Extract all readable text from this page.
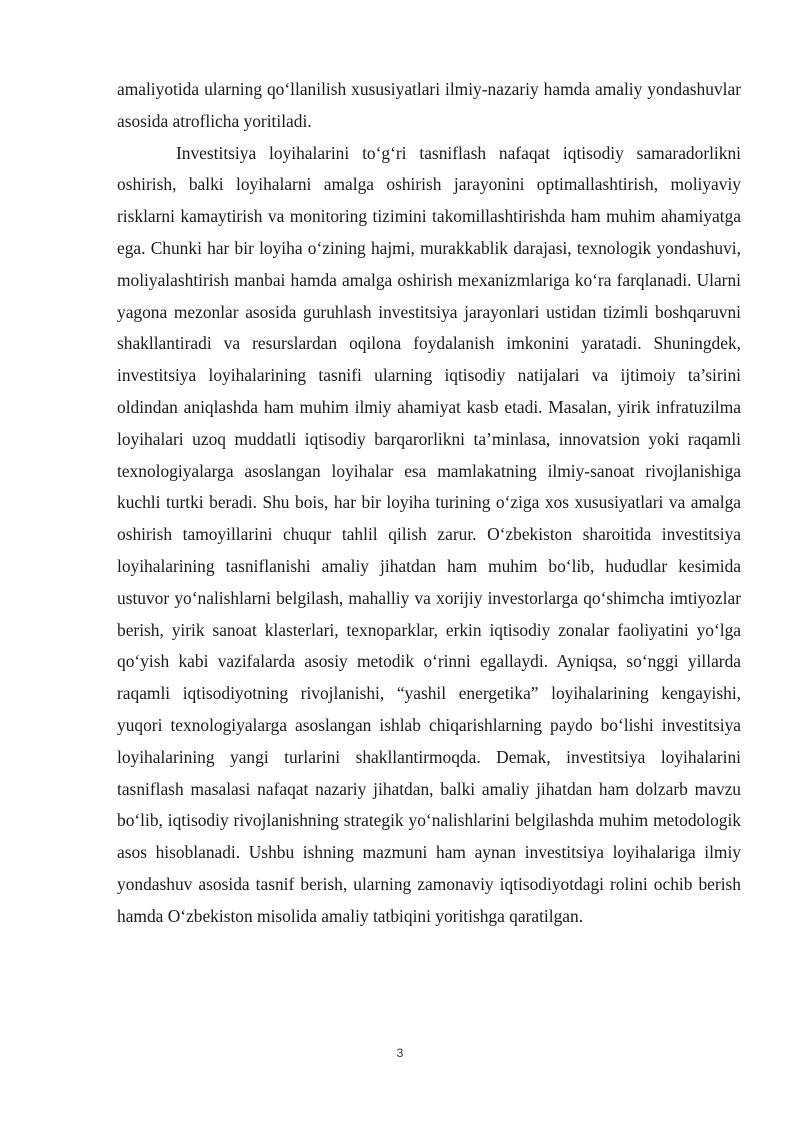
amaliyotida ularning qo‘llanilish xususiyatlari ilmiy-nazariy hamda amaliy yondashuvlar asosida atroflicha yoritiladi.

Investitsiya loyihalarini to‘g‘ri tasniflash nafaqat iqtisodiy samaradorlikni oshirish, balki loyihalarni amalga oshirish jarayonini optimallashtirish, moliyaviy risklarni kamaytirish va monitoring tizimini takomillashtirishda ham muhim ahamiyatga ega. Chunki har bir loyiha o‘zining hajmi, murakkablik darajasi, texnologik yondashuvi, moliyalashtirish manbai hamda amalga oshirish mexanizmlariga ko‘ra farqlanadi. Ularni yagona mezonlar asosida guruhlash investitsiya jarayonlari ustidan tizimli boshqaruvni shakllantiradi va resurslardan oqilona foydalanish imkonini yaratadi. Shuningdek, investitsiya loyihalarining tasnifi ularning iqtisodiy natijalari va ijtimoiy ta’sirini oldindan aniqlashda ham muhim ilmiy ahamiyat kasb etadi. Masalan, yirik infratuzilma loyihalari uzoq muddatli iqtisodiy barqarorlikni ta’minlasa, innovatsion yoki raqamli texnologiyalarga asoslangan loyihalar esa mamlakatning ilmiy-sanoat rivojlanishiga kuchli turtki beradi. Shu bois, har bir loyiha turining o‘ziga xos xususiyatlari va amalga oshirish tamoyillarini chuqur tahlil qilish zarur. O‘zbekiston sharoitida investitsiya loyihalarining tasniflanishi amaliy jihatdan ham muhim bo‘lib, hududlar kesimida ustuvor yo‘nalishlarni belgilash, mahalliy va xorijiy investorlarga qo‘shimcha imtiyozlar berish, yirik sanoat klasterlari, texnoparklar, erkin iqtisodiy zonalar faoliyatini yo‘lga qo‘yish kabi vazifalarda asosiy metodik o‘rinni egallaydi. Ayniqsa, so‘nggi yillarda raqamli iqtisodiyotning rivojlanishi, “yashil energetika” loyihalarining kengayishi, yuqori texnologiyalarga asoslangan ishlab chiqarishlarning paydo bo‘lishi investitsiya loyihalarining yangi turlarini shakllantirmoqda. Demak, investitsiya loyihalarini tasniflash masalasi nafaqat nazariy jihatdan, balki amaliy jihatdan ham dolzarb mavzu bo‘lib, iqtisodiy rivojlanishning strategik yo‘nalishlarini belgilashda muhim metodologik asos hisoblanadi. Ushbu ishning mazmuni ham aynan investitsiya loyihalariga ilmiy yondashuv asosida tasnif berish, ularning zamonaviy iqtisodiyotdagi rolini ochib berish hamda O‘zbekiston misolida amaliy tatbiqini yoritishga qaratilgan.

3
